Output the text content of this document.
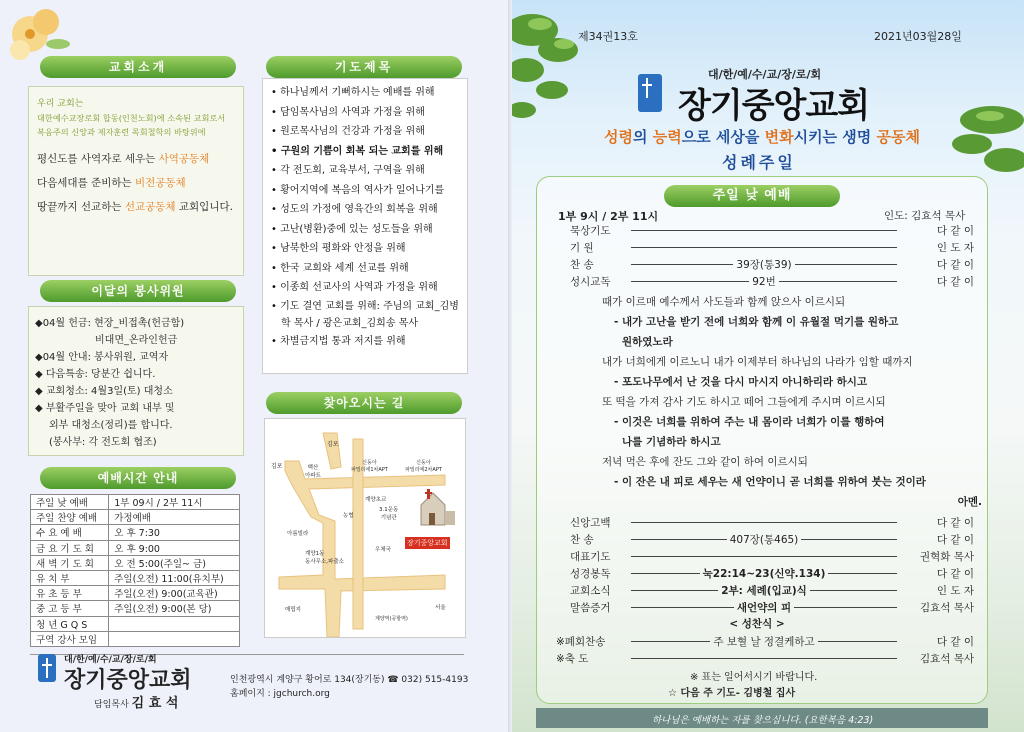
교회소개
우리 교회는
대한예수교장로회 합동(인천노회)에 소속된 교회로서
복음주의 신앙과 제자훈련 목회철학의 바탕위에
평신도를 사역자로 세우는 사역공동체
다음세대를 준비하는 비전공동체
땅끝까지 선교하는 선교공동체 교회입니다.
이달의 봉사위원
◆04월 헌금: 현장_비접촉(헌금함)
비대면_온라인헌금
◆04월 안내: 봉사위원, 교역자
◆ 다음특송: 당분간 쉽니다.
◆ 교회청소: 4월3일(토) 대청소
◆ 부활주일을 맞아 교회 내부 및
외부 대청소(정리)를 합니다.
(봉사부: 각 전도회 협조)
예배시간 안내
주일 낮 예배	1부 09시 / 2부 11시
주일 찬양 예배	가정예배
수 요 예 배	오 후 7:30
금 요 기 도 회	오 후 9:00
새 벽 기 도 회	오 전 5:00(주일~ 금)
유 치 부	주일(오전) 11:00(유치부)
유 초 등 부	주일(오전) 9:00(교육관)
중 고 등 부	주일(오전) 9:00(본 당)
청 년 G Q S	
구역 강사 모임	
기도제목
• 하나님께서 기뻐하시는 예배를 위해
• 담임목사님의 사역과 가정을 위해
• 원로목사님의 건강과 가정을 위해
• 구원의 기쁨이 회복 되는 교회를 위해
• 각 전도회, 교육부서, 구역을 위해
• 황어지역에 복음의 역사가 일어나기를
• 성도의 가정에 영육간의 회복을 위해
• 고난(병환)중에 있는 성도들을 위해
• 남북한의 평화와 안정을 위해
• 한국 교회와 세계 선교를 위해
• 이종희 선교사의 사역과 가정을 위해
• 기도 결연 교회를 위해: 주님의 교회_김병학 목사 / 광은교회_김희송 목사
• 차별금지법 통과 저지를 위해
찾아오시는 길
김포
김포	백산
아파트
신동아
파밀리에1차APT
신동아
파밀리에2차APT
계양초교
농협
3.1운동
기념관
아름빌라
계양1동
동사무소,파출소
우체국
장기중앙교회
매립지	서울
계양역(공항역)
대/한/예/수/교/장/로/회
장기중앙교회
담임목사 김 효 석
인천광역시 계양구 황어로 134(장기동) ☎ 032) 515-4193
홈페이지 : jgchurch.org
제34권13호	2021년03월28일
대/한/예/수/교/장/로/회
장기중앙교회
성령의 능력으로 세상을 변화시키는 생명 공동체
성례주일
주일 낮 예배
1부 9시 / 2부 11시	인도: 김효석 목사
묵상기도	다 같 이
기 원	인 도 자
찬 송	39장(통39)	다 같 이
성시교독	92번	다 같 이
때가 이르매 예수께서 사도들과 함께 앉으사 이르시되
- 내가 고난을 받기 전에 너희와 함께 이 유월절 먹기를 원하고
원하였노라
내가 너희에게 이르노니 내가 이제부터 하나님의 나라가 임할 때까지
- 포도나무에서 난 것을 다시 마시지 아니하리라 하시고
또 떡을 가져 감사 기도 하시고 떼어 그들에게 주시며 이르시되
- 이것은 너희를 위하여 주는 내 몸이라 너희가 이를 행하여
나를 기념하라 하시고
저녁 먹은 후에 잔도 그와 같이 하여 이르시되
- 이 잔은 내 피로 세우는 새 언약이니 곧 너희를 위하여 붓는 것이라
아멘.
신앙고백	다 같 이
찬 송	407장(통465)	다 같 이
대표기도	권혁화 목사
성경봉독	눅22:14~23(신약.134)	다 같 이
교회소식	2부: 세례(입교)식	인 도 자
말씀증거	새언약의 피	김효석 목사
< 성찬식 >
※폐회찬송	주 보혈 날 정결케하고	다 같 이
※축 도	김효석 목사
※ 표는 일어서시기 바랍니다.
☆ 다음 주 기도- 김병철 집사
하나님은 예배하는 자를 찾으십니다. (요한복음 4:23)
